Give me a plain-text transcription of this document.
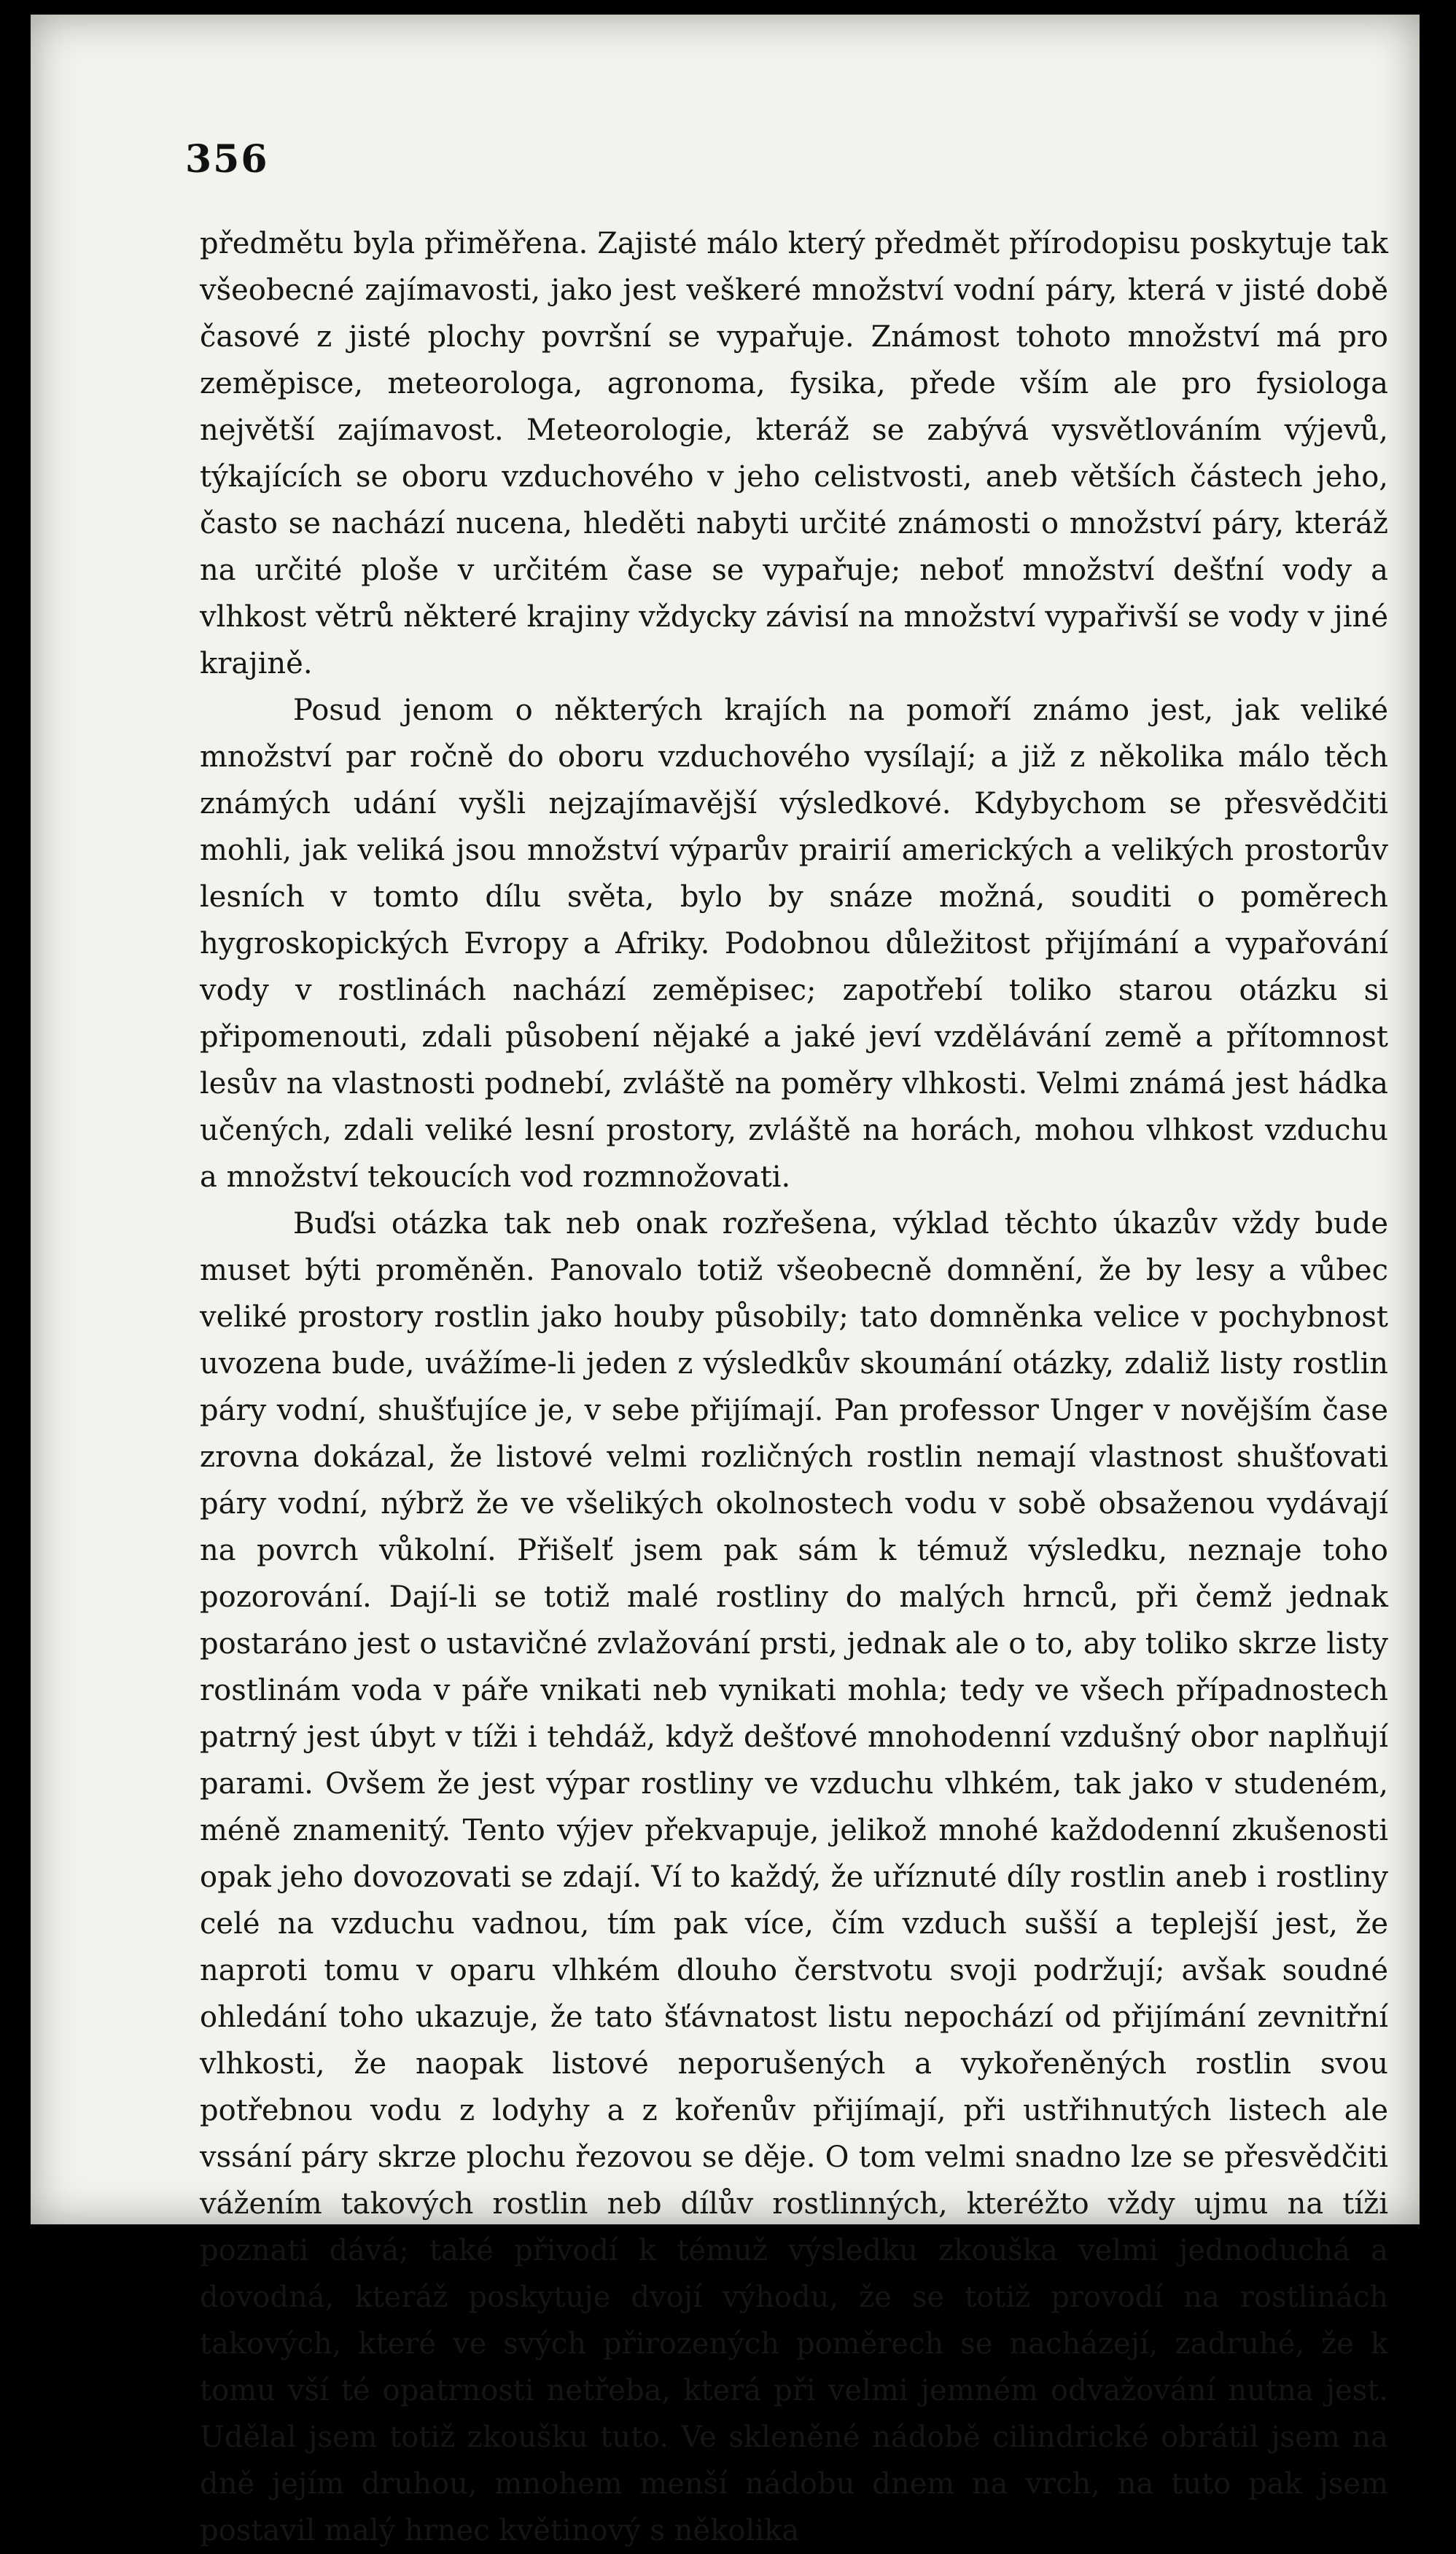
356

předmětu byla přiměřena. Zajisté málo který předmět přírodopisu poskytuje tak všeobecné zajímavosti, jako jest veškeré množství vodní páry, která v jisté době časové z jisté plochy površní se vypařuje. Známost tohoto množství má pro zeměpisce, meteorologa, agronoma, fysika, přede vším ale pro fysiologa největší zajímavost. Meteorologie, kteráž se zabývá vysvětlováním výjevů, týkajících se oboru vzduchového v jeho celistvosti, aneb větších částech jeho, často se nachází nucena, hleděti nabyti určité známosti o množství páry, kteráž na určité ploše v určitém čase se vypařuje; neboť množství dešťní vody a vlhkost větrů některé krajiny vždycky závisí na množství vypařivší se vody v jiné krajině.

Posud jenom o některých krajích na pomoří známo jest, jak veliké množství par ročně do oboru vzduchového vysílají; a již z několika málo těch známých udání vyšli nejzajímavější výsledkové. Kdybychom se přesvědčiti mohli, jak veliká jsou množství výparův prairií amerických a velikých prostorův lesních v tomto dílu světa, bylo by snáze možná, souditi o poměrech hygroskopických Evropy a Afriky. Podobnou důležitost přijímání a vypařování vody v rostlinách nachází zeměpisec; zapotřebí toliko starou otázku si připomenouti, zdali působení nějaké a jaké jeví vzdělávání země a přítomnost lesův na vlastnosti podnebí, zvláště na poměry vlhkosti. Velmi známá jest hádka učených, zdali veliké lesní prostory, zvláště na horách, mohou vlhkost vzduchu a množství tekoucích vod rozmnožovati.

Buďsi otázka tak neb onak rozřešena, výklad těchto úkazův vždy bude muset býti proměněn. Panovalo totiž všeobecně domnění, že by lesy a vůbec veliké prostory rostlin jako houby působily; tato domněnka velice v pochybnost uvozena bude, uvážíme-li jeden z výsledkův skoumání otázky, zdaliž listy rostlin páry vodní, shušťujíce je, v sebe přijímají. Pan professor Unger v novějším čase zrovna dokázal, že listové velmi rozličných rostlin nemají vlastnost shušťovati páry vodní, nýbrž že ve všelikých okolnostech vodu v sobě obsaženou vydávají na povrch vůkolní. Přišelť jsem pak sám k témuž výsledku, neznaje toho pozorování. Dají-li se totiž malé rostliny do malých hrnců, při čemž jednak postaráno jest o ustavičné zvlažování prsti, jednak ale o to, aby toliko skrze listy rostlinám voda v páře vnikati neb vynikati mohla; tedy ve všech případnostech patrný jest úbyt v tíži i tehdáž, když dešťové mnohodenní vzdušný obor naplňují parami. Ovšem že jest výpar rostliny ve vzduchu vlhkém, tak jako v studeném, méně znamenitý. Tento výjev překvapuje, jelikož mnohé každodenní zkušenosti opak jeho dovozovati se zdají. Ví to každý, že uříznuté díly rostlin aneb i rostliny celé na vzduchu vadnou, tím pak více, čím vzduch sušší a teplejší jest, že naproti tomu v oparu vlhkém dlouho čerstvotu svoji podržují; avšak soudné ohledání toho ukazuje, že tato šťávnatost listu nepochází od přijímání zevnitřní vlhkosti, že naopak listové neporušených a vykořeněných rostlin svou potřebnou vodu z lodyhy a z kořenův přijímají, při ustřihnutých listech ale vssání páry skrze plochu řezovou se děje. O tom velmi snadno lze se přesvědčiti vážením takových rostlin neb dílův rostlinných, kteréžto vždy ujmu na tíži poznati dává; také přivodí k témuž výsledku zkouška velmi jednoduchá a dovodná, kteráž poskytuje dvojí výhodu, že se totiž provodí na rostlinách takových, které ve svých přirozených poměrech se nacházejí, zadruhé, že k tomu vší té opatrnosti netřeba, která při velmi jemném odvažování nutna jest. Udělal jsem totiž zkoušku tuto. Ve skleněné nádobě cilindrické obrátil jsem na dně jejím druhou, mnohem menší nádobu dnem na vrch, na tuto pak jsem postavil malý hrnec květinový s několika
